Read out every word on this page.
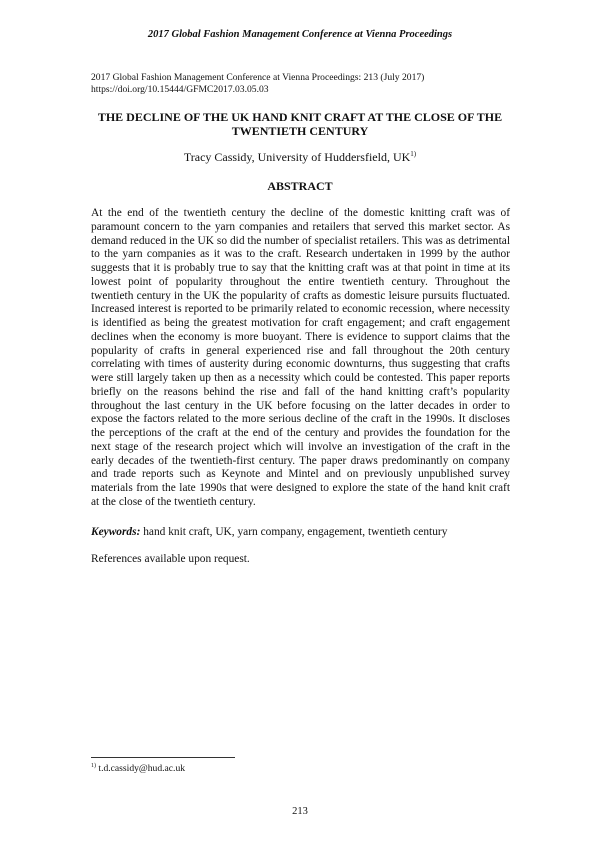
2017 Global Fashion Management Conference at Vienna Proceedings
2017 Global Fashion Management Conference at Vienna Proceedings: 213 (July 2017)
https://doi.org/10.15444/GFMC2017.03.05.03
THE DECLINE OF THE UK HAND KNIT CRAFT AT THE CLOSE OF THE TWENTIETH CENTURY
Tracy Cassidy, University of Huddersfield, UK$^{1)}$
ABSTRACT

At the end of the twentieth century the decline of the domestic knitting craft was of paramount concern to the yarn companies and retailers that served this market sector. As demand reduced in the UK so did the number of specialist retailers. This was as detrimental to the yarn companies as it was to the craft. Research undertaken in 1999 by the author suggests that it is probably true to say that the knitting craft was at that point in time at its lowest point of popularity throughout the entire twentieth century. Throughout the twentieth century in the UK the popularity of crafts as domestic leisure pursuits fluctuated. Increased interest is reported to be primarily related to economic recession, where necessity is identified as being the greatest motivation for craft engagement; and craft engagement declines when the economy is more buoyant. There is evidence to support claims that the popularity of crafts in general experienced rise and fall throughout the 20th century correlating with times of austerity during economic downturns, thus suggesting that crafts were still largely taken up then as a necessity which could be contested. This paper reports briefly on the reasons behind the rise and fall of the hand knitting craft’s popularity throughout the last century in the UK before focusing on the latter decades in order to expose the factors related to the more serious decline of the craft in the 1990s. It discloses the perceptions of the craft at the end of the century and provides the foundation for the next stage of the research project which will involve an investigation of the craft in the early decades of the twentieth-first century. The paper draws predominantly on company and trade reports such as Keynote and Mintel and on previously unpublished survey materials from the late 1990s that were designed to explore the state of the hand knit craft at the close of the twentieth century.

Keywords: hand knit craft, UK, yarn company, engagement, twentieth century
References available upon request.
$^{1)}$ t.d.cassidy@hud.ac.uk
213
